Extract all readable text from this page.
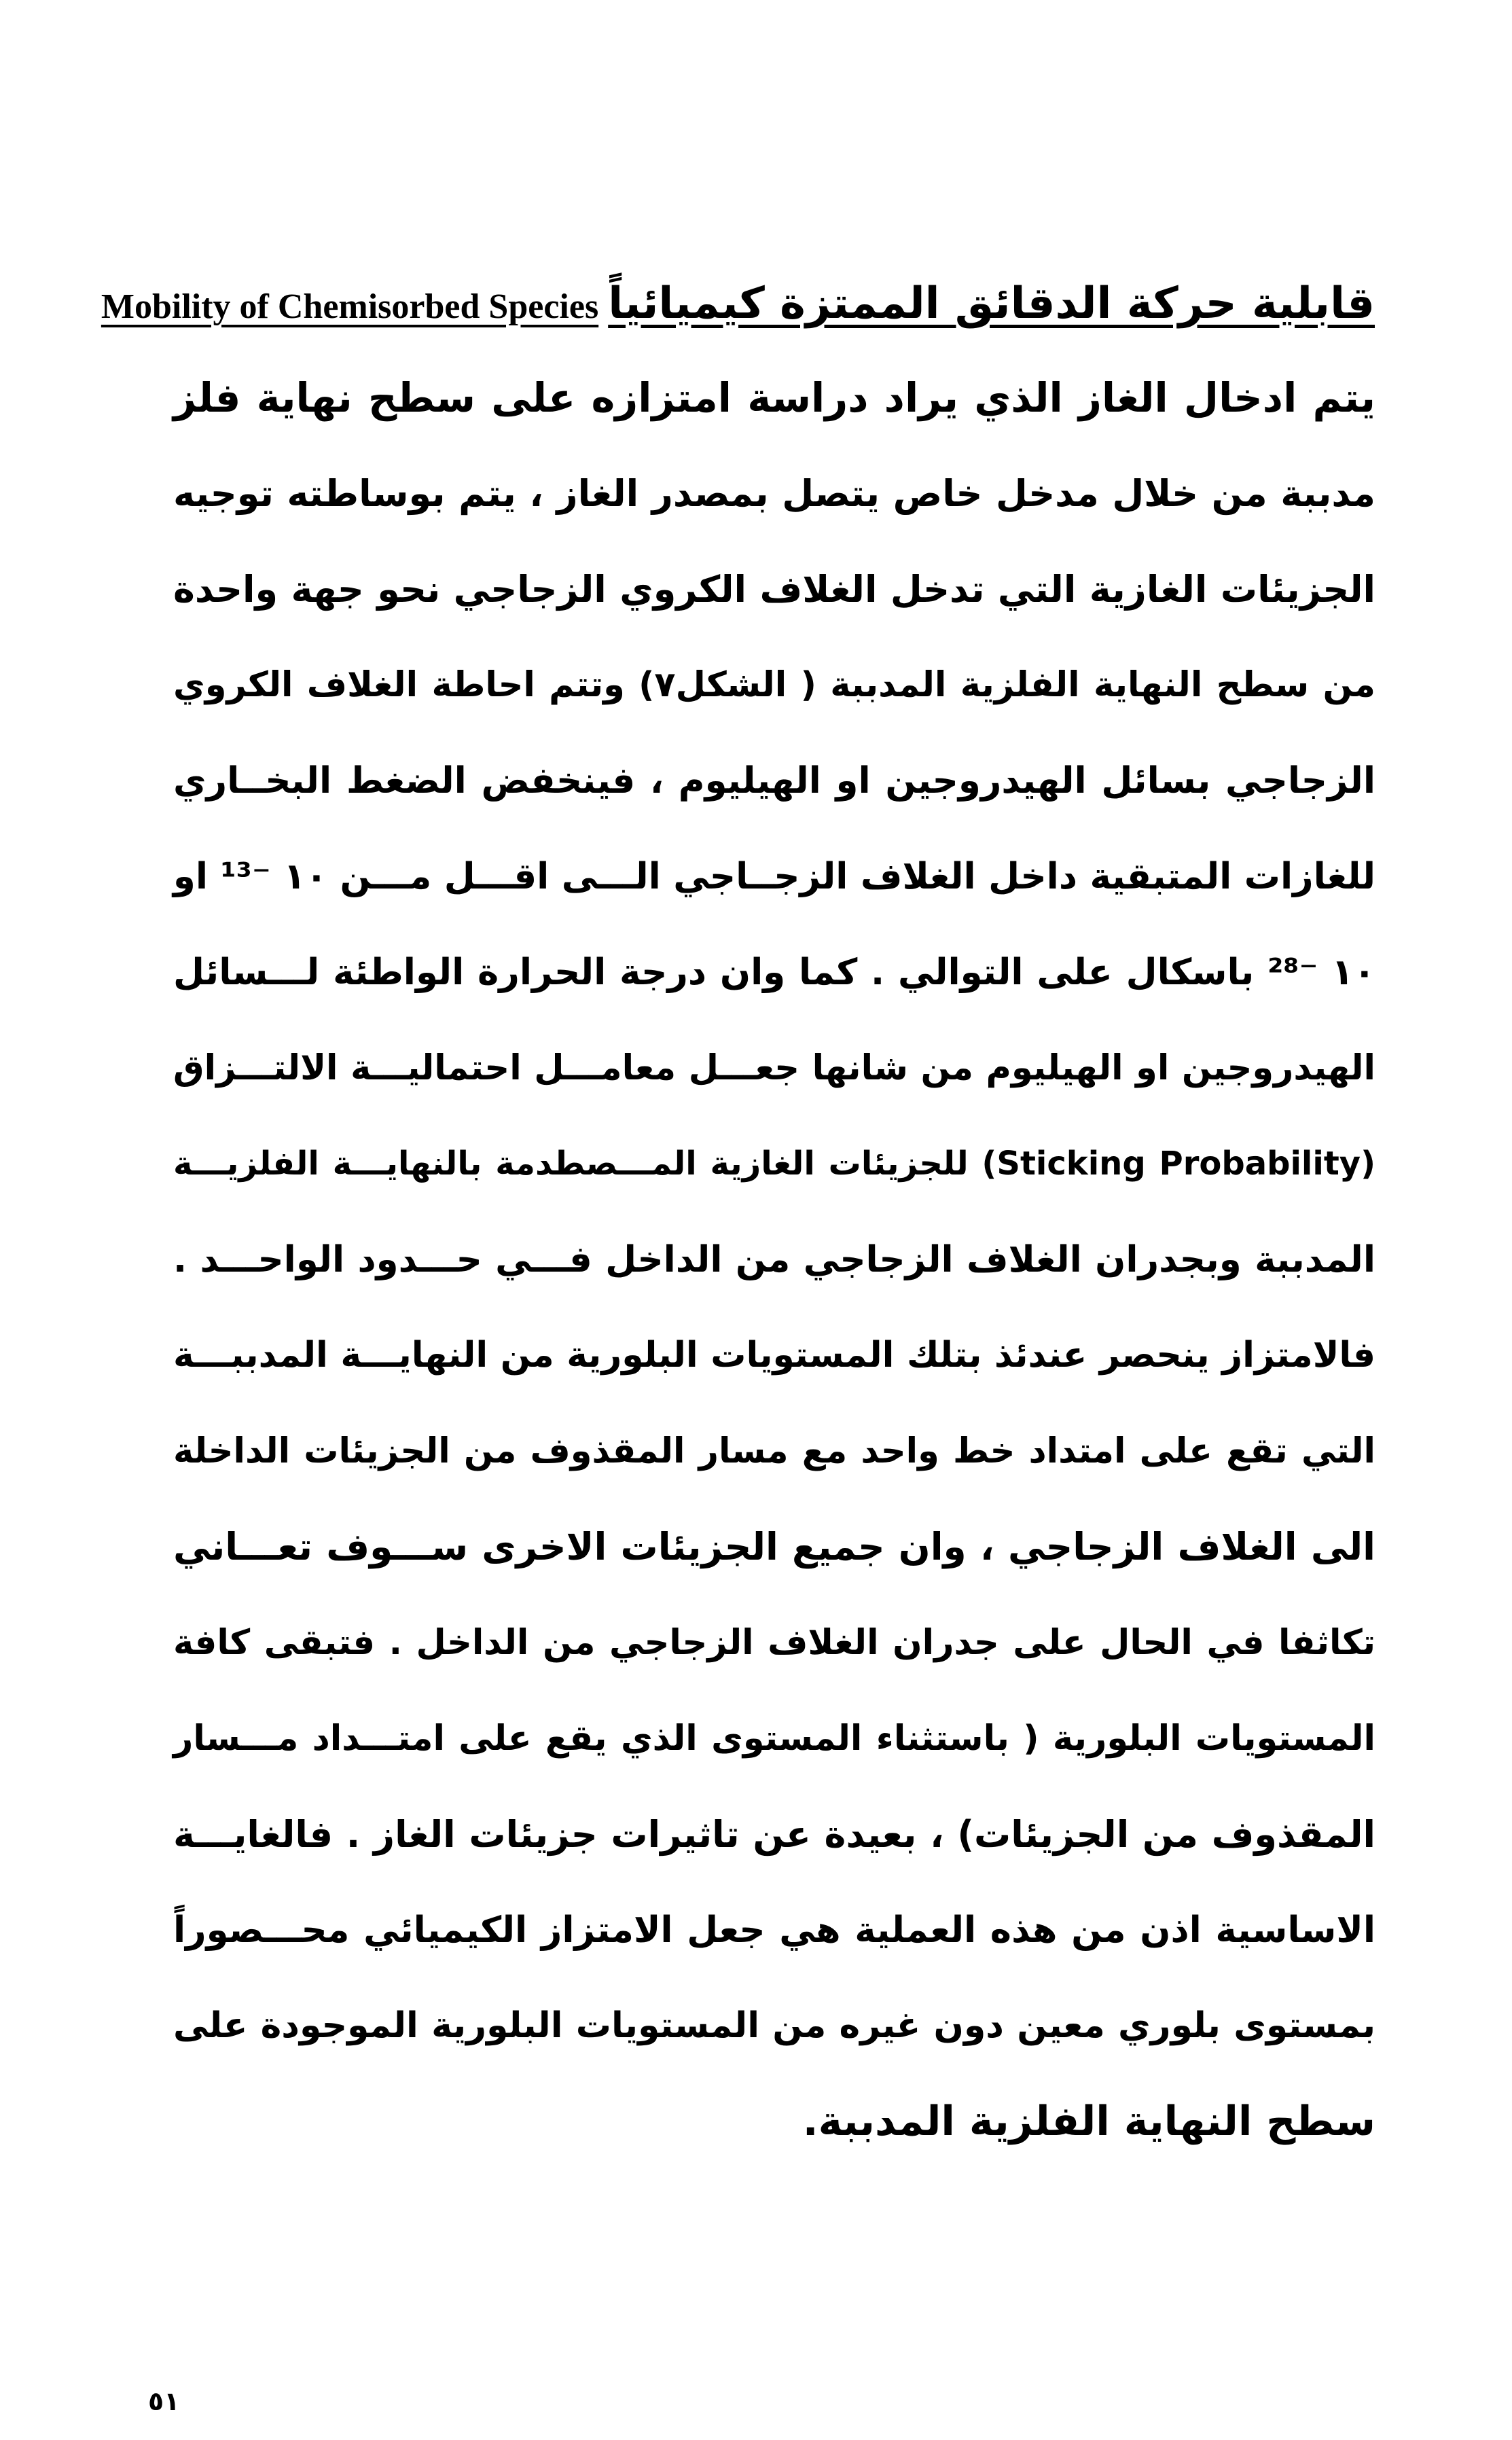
قابلية حركة الدقائق الممتزة كيميائياًMobility of Chemisorbed Species
يتم ادخال الغاز الذي يراد دراسة امتزازه على سطح نهاية فلز
مدببة من خلال مدخل خاص يتصل بمصدر الغاز ، يتم بوساطته توجيه
الجزيئات الغازية التي تدخل الغلاف الكروي الزجاجي نحو جهة واحدة
من سطح النهاية الفلزية المدببة ( الشكل٧) وتتم احاطة الغلاف الكروي
الزجاجي بسائل الهيدروجين او الهيليوم ، فينخفض الضغط البخــاري
للغازات المتبقية داخل الغلاف الزجــاجي الـــى اقـــل مـــن ١٠ ⁻¹³ او
١٠ ⁻²⁸ باسكال على التوالي . كما وان درجة الحرارة الواطئة لـــسائل
الهيدروجين او الهيليوم من شانها جعـــل معامـــل احتماليـــة الالتـــزاق
(Sticking Probability) للجزيئات الغازية المـــصطدمة بالنهايـــة الفلزيـــة
المدببة وبجدران الغلاف الزجاجي من الداخل فـــي حـــدود الواحـــد .
فالامتزاز ينحصر عندئذ بتلك المستويات البلورية من النهايـــة المدببـــة
التي تقع على امتداد خط واحد مع مسار المقذوف من الجزيئات الداخلة
الى الغلاف الزجاجي ، وان جميع الجزيئات الاخرى ســـوف تعـــاني
تكاثفا في الحال على جدران الغلاف الزجاجي من الداخل . فتبقى كافة
المستويات البلورية ( باستثناء المستوى الذي يقع على امتـــداد مـــسار
المقذوف من الجزيئات) ، بعيدة عن تاثيرات جزيئات الغاز . فالغايـــة
الاساسية اذن من هذه العملية هي جعل الامتزاز الكيميائي محـــصوراً
بمستوى بلوري معين دون غيره من المستويات البلورية الموجودة على
سطح النهاية الفلزية المدببة.
٥١
